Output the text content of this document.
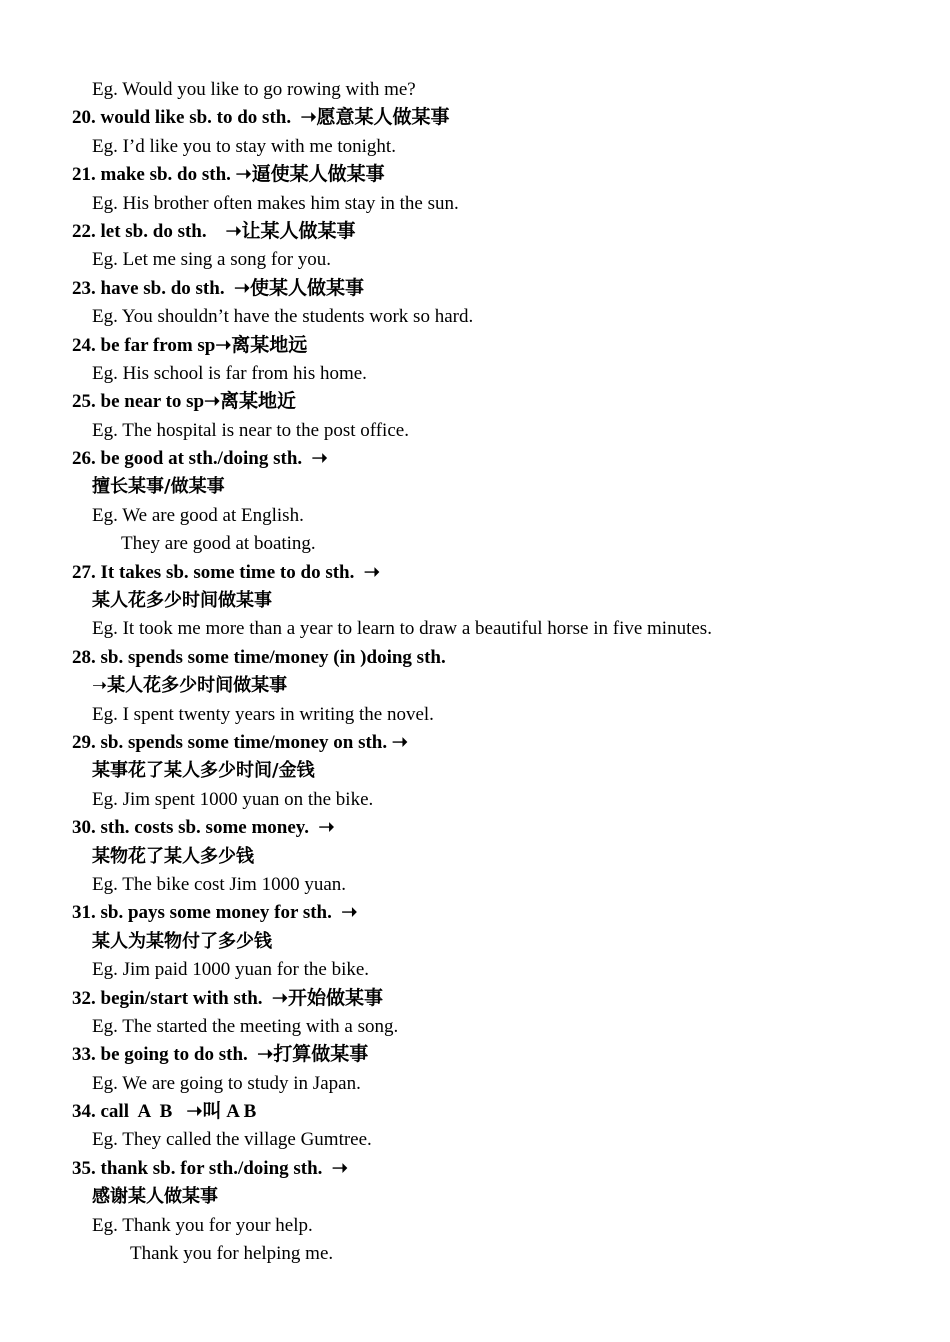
Eg. Would you like to go rowing with me?
20. would like sb. to do sth.  ➝愿意某人做某事
Eg. I’d like you to stay with me tonight.
21. make sb. do sth. ➝逼使某人做某事
Eg. His brother often makes him stay in the sun.
22. let sb. do sth.    ➝让某人做某事
Eg. Let me sing a song for you.
23. have sb. do sth.  ➝使某人做某事
Eg. You shouldn’t have the students work so hard.
24. be far from sp➝离某地远
Eg. His school is far from his home.
25. be near to sp➝离某地近
Eg. The hospital is near to the post office.
26. be good at sth./doing sth.  ➝
擅长某事/做某事
Eg. We are good at English.
They are good at boating.
27. It takes sb. some time to do sth.  ➝
某人花多少时间做某事
Eg. It took me more than a year to learn to draw a beautiful horse in five minutes.
28. sb. spends some time/money (in )doing sth.
➝某人花多少时间做某事
Eg. I spent twenty years in writing the novel.
29. sb. spends some time/money on sth. ➝
某事花了某人多少时间/金钱
Eg. Jim spent 1000 yuan on the bike.
30. sth. costs sb. some money.  ➝
某物花了某人多少钱
Eg. The bike cost Jim 1000 yuan.
31. sb. pays some money for sth.  ➝
某人为某物付了多少钱
Eg. Jim paid 1000 yuan for the bike.
32. begin/start with sth.  ➝开始做某事
Eg. The started the meeting with a song.
33. be going to do sth.  ➝打算做某事
Eg. We are going to study in Japan.
34. call  A  B   ➝叫 A B
Eg. They called the village Gumtree.
35. thank sb. for sth./doing sth.  ➝
感谢某人做某事
Eg. Thank you for your help.
Thank you for helping me.
